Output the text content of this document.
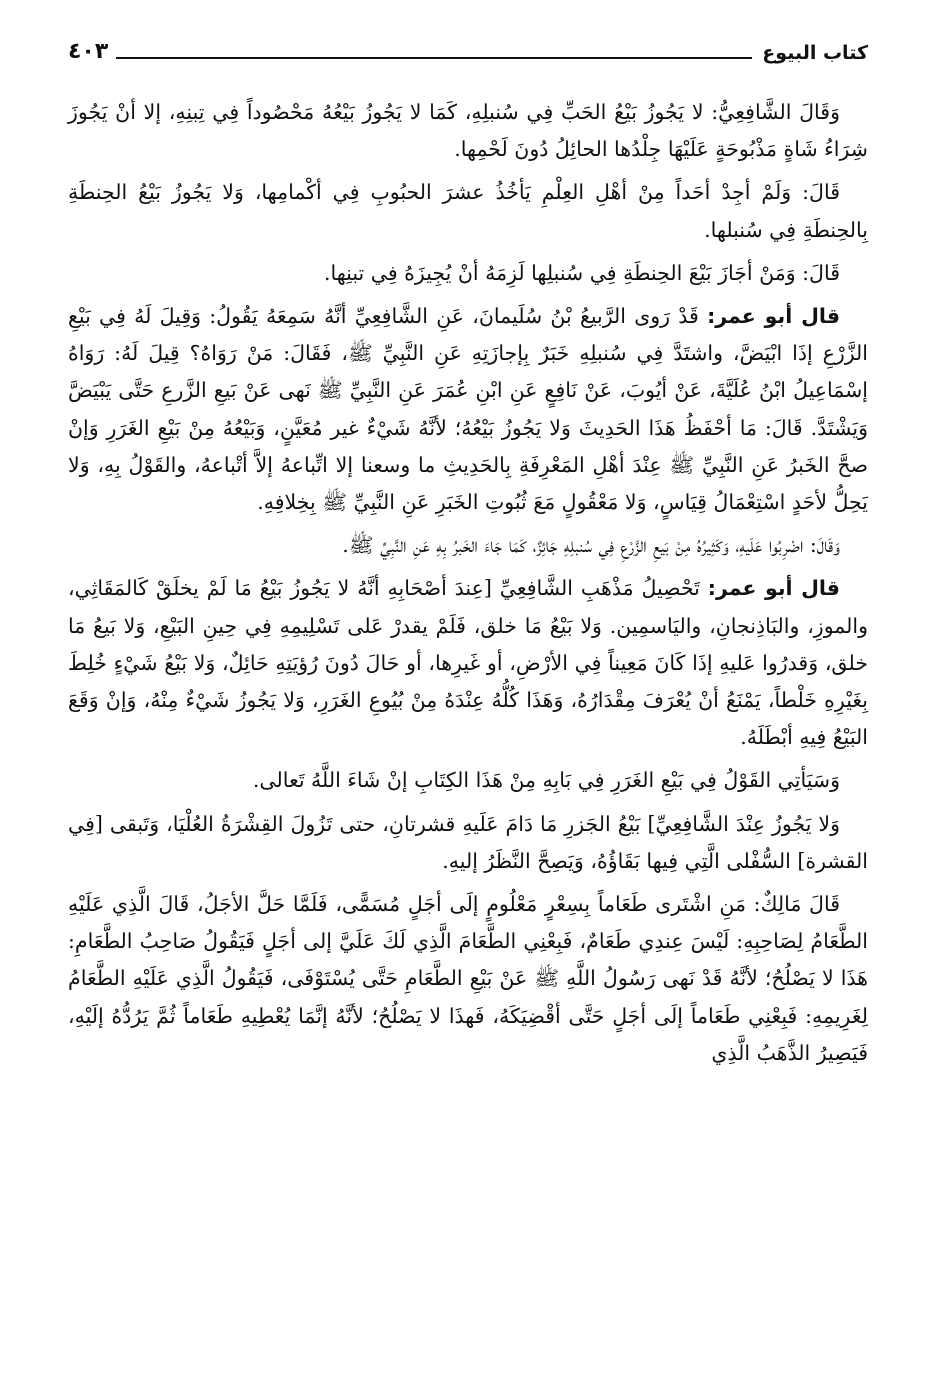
كتاب البيوع
٤٠٣

وَقَالَ الشَّافِعِيُّ: لا يَجُوزُ بَيْعُ الحَبِّ فِي سُنبلِهِ، كَمَا لا يَجُوزُ بَيْعُهُ مَحْصُوداً فِي تِبنِهِ، إلا أنْ يَجُوزَ شِرَاءُ شَاةٍ مَذْبُوحَةٍ عَلَيْهَا جِلْدُها الحائِلُ دُونَ لَحْمِها.

قَالَ: وَلَمْ أجِدْ أحَداً مِنْ أهْلِ العِلْمِ يَأخُذُ عشرَ الحبُوبِ فِي أكْمامِها، وَلا يَجُوزُ بَيْعُ الحِنطَةِ بِالحِنطَةِ فِي سُنبلها.

قَالَ: وَمَنْ أجَازَ بَيْعَ الحِنطَةِ فِي سُنبلِها لَزِمَهُ أنْ يُجِيزَهُ فِي تبنِها.

قال أبو عمر: قَدْ رَوى الرَّبيعُ بْنُ سُلَيمانَ، عَنِ الشَّافِعِيِّ أنَّهُ سَمِعَهُ يَقُولُ: وَقِيلَ لَهُ فِي بَيْعِ الزَّرْعِ إذَا ابْيَضَّ، واشتَدَّ فِي سُنبلِهِ خَبَرٌ بِإجازَتِهِ عَنِ النَّبِيِّ ﷺ، فَقَالَ: مَنْ رَوَاهُ؟ قِيلَ لَهُ: رَوَاهُ إسْمَاعِيلُ ابْنُ عُلَيَّةَ، عَنْ أيُوبَ، عَنْ نَافِعٍ عَنِ ابْنِ عُمَرَ عَنِ النَّبِيِّ ﷺ نَهى عَنْ بَيعِ الزَّرعِ حَتَّى يَبْيَضَّ وَيَشْتَدَّ. قَالَ: مَا أحْفَظُ هَذَا الحَدِيثَ وَلا يَجُوزُ بَيْعُهُ؛ لأنَّهُ شَيْءٌ غير مُعَيَّنٍ، وَبَيْعُهُ مِنْ بَيْعِ الغَرَرِ وَإنْ صحَّ الخَبرُ عَنِ النَّبِيِّ ﷺ عِنْدَ أهْلِ المَعْرِفَةِ بِالحَدِيثِ ما وسعنا إلا اتِّباعهُ إلاَّ أتْباعهُ، والقَوْلُ بِهِ، وَلا يَحِلُّ لأحَدٍ اسْتِعْمَالُ قِيَاسٍ، وَلا مَعْقُولٍ مَعَ ثُبُوتِ الخَبَرِ عَنِ النَّبِيِّ ﷺ بِخِلافِهِ.

وَقَالَ: اضْرِبُوا عَلَيهِ، وَكَثِيرُهُ مِنْ بَيعِ الزَّرْعِ فِي سُنبلِهِ جَائِزٌ، كَمَا جَاءَ الخَبرُ بِهِ عَنِ النَّبِيِّ ﷺ.

قال أبو عمر: تَحْصِيلُ مَذْهَبِ الشَّافِعِيِّ [عِندَ أصْحَابِهِ أنَّهُ لا يَجُوزُ بَيْعُ مَا لَمْ يخلَقْ كَالمَقَاثِي، والموزِ، والبَاذِنجانِ، واليَاسمِين. وَلا بَيْعُ مَا خلق، فَلَمْ يقدرْ عَلى تَسْلِيمِهِ فِي حِينِ البَيْعِ، وَلا بَيعُ مَا خلق، وَقدرُوا عَليهِ إذَا كَانَ مَعِيناً فِي الأرْضِ، أو غَيرِها، أو حَالَ دُونَ رُؤيَتِهِ حَائِلٌ، وَلا بَيْعُ شَيْءٍ خُلِطَ بِغَيْرِهِ خَلْطاً، يَمْنَعُ أنْ يُعْرَفَ مِقْدَارُهُ، وَهَذَا كُلُّهُ عِنْدَهُ مِنْ بُيُوعِ الغَرَرِ، وَلا يَجُوزُ شَيْءٌ مِنْهُ، وَإنْ وَقَعَ البَيْعُ فِيهِ أبْطَلَهُ.

وَسَيَأتِي القَوْلُ فِي بَيْعِ الغَرَرِ فِي بَابِهِ مِنْ هَذَا الكِتَابِ إنْ شَاءَ اللَّهُ تَعالى.

وَلا يَجُوزُ عِنْدَ الشَّافِعِيِّ] بَيْعُ الجَزرِ مَا دَامَ عَلَيهِ قشرتانِ، حتى تَزُولَ القِشْرَةُ العُلْيَا، وَتَبقى [فِي القشرة] السُّفْلى الَّتِي فِيها بَقَاؤُهُ، وَيَصِحَّ النَّظَرُ إليهِ.

قَالَ مَالِكٌ: مَنِ اشْتَرى طَعَاماً بِسِعْرٍ مَعْلُومٍ إلَى أجَلٍ مُسَمًّى، فَلَمَّا حَلَّ الأجَلُ، قَالَ الَّذِي عَلَيْهِ الطَّعَامُ لِصَاحِبِهِ: لَيْسَ عِندِي طَعَامٌ، فَبِعْنِي الطَّعَامَ الَّذِي لَكَ عَلَيَّ إلى أجَلٍ فَيَقُولُ صَاحِبُ الطَّعَامِ: هَذَا لا يَصْلُحُ؛ لأنَّهُ قَدْ نَهى رَسُولُ اللَّهِ ﷺ عَنْ بَيْعِ الطَّعَامِ حَتَّى يُسْتَوْفَى، فَيَقُولُ الَّذِي عَلَيْهِ الطَّعَامُ لِغَرِيمِهِ: فَبِعْنِي طَعَاماً إلَى أجَلٍ حَتَّى أقْضِيَكَهُ، فَهذَا لا يَصْلُحُ؛ لأنَّهُ إنَّمَا يُعْطِيهِ طَعَاماً ثُمَّ يَرُدُّهُ إلَيْهِ، فَيَصِيرُ الذَّهَبُ الَّذِي
